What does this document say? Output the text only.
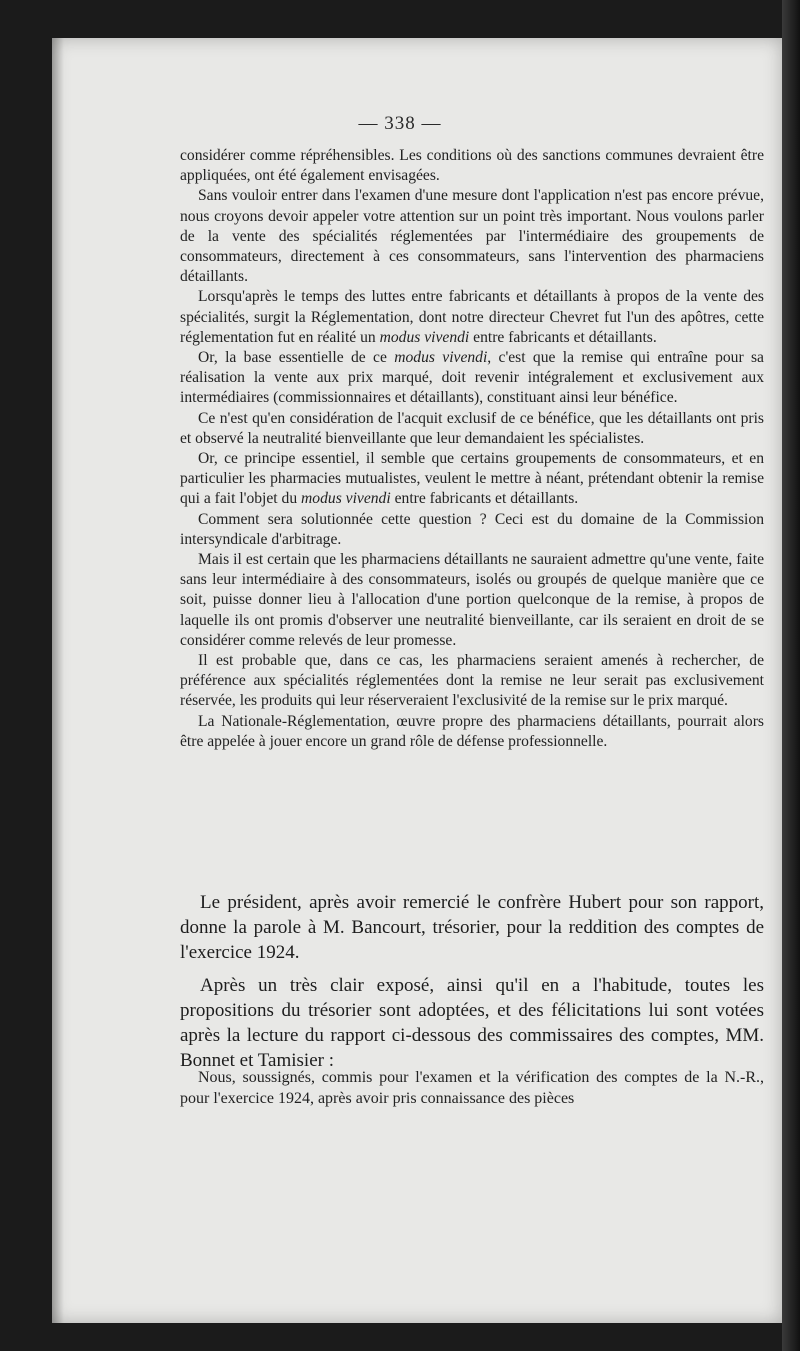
— 338 —

considérer comme répréhensibles. Les conditions où des sanctions communes devraient être appliquées, ont été également envisagées.

Sans vouloir entrer dans l'examen d'une mesure dont l'application n'est pas encore prévue, nous croyons devoir appeler votre attention sur un point très important. Nous voulons parler de la vente des spécialités réglementées par l'intermédiaire des groupements de consommateurs, directement à ces consommateurs, sans l'intervention des pharmaciens détaillants.

Lorsqu'après le temps des luttes entre fabricants et détaillants à propos de la vente des spécialités, surgit la Réglementation, dont notre directeur Chevret fut l'un des apôtres, cette réglementation fut en réalité un modus vivendi entre fabricants et détaillants.

Or, la base essentielle de ce modus vivendi, c'est que la remise qui entraîne pour sa réalisation la vente aux prix marqué, doit revenir intégralement et exclusivement aux intermédiaires (commissionnaires et détaillants), constituant ainsi leur bénéfice.

Ce n'est qu'en considération de l'acquit exclusif de ce bénéfice, que les détaillants ont pris et observé la neutralité bienveillante que leur demandaient les spécialistes.

Or, ce principe essentiel, il semble que certains groupements de consommateurs, et en particulier les pharmacies mutualistes, veulent le mettre à néant, prétendant obtenir la remise qui a fait l'objet du modus vivendi entre fabricants et détaillants.

Comment sera solutionnée cette question ? Ceci est du domaine de la Commission intersyndicale d'arbitrage.

Mais il est certain que les pharmaciens détaillants ne sauraient admettre qu'une vente, faite sans leur intermédiaire à des consommateurs, isolés ou groupés de quelque manière que ce soit, puisse donner lieu à l'allocation d'une portion quelconque de la remise, à propos de laquelle ils ont promis d'observer une neutralité bienveillante, car ils seraient en droit de se considérer comme relevés de leur promesse.

Il est probable que, dans ce cas, les pharmaciens seraient amenés à rechercher, de préférence aux spécialités réglementées dont la remise ne leur serait pas exclusivement réservée, les produits qui leur réserveraient l'exclusivité de la remise sur le prix marqué.

La Nationale-Réglementation, œuvre propre des pharmaciens détaillants, pourrait alors être appelée à jouer encore un grand rôle de défense professionnelle.

Le président, après avoir remercié le confrère Hubert pour son rapport, donne la parole à M. Bancourt, trésorier, pour la reddition des comptes de l'exercice 1924.

Après un très clair exposé, ainsi qu'il en a l'habitude, toutes les propositions du trésorier sont adoptées, et des félicitations lui sont votées après la lecture du rapport ci-dessous des commissaires des comptes, MM. Bonnet et Tamisier :

Nous, soussignés, commis pour l'examen et la vérification des comptes de la N.-R., pour l'exercice 1924, après avoir pris connaissance des pièces
